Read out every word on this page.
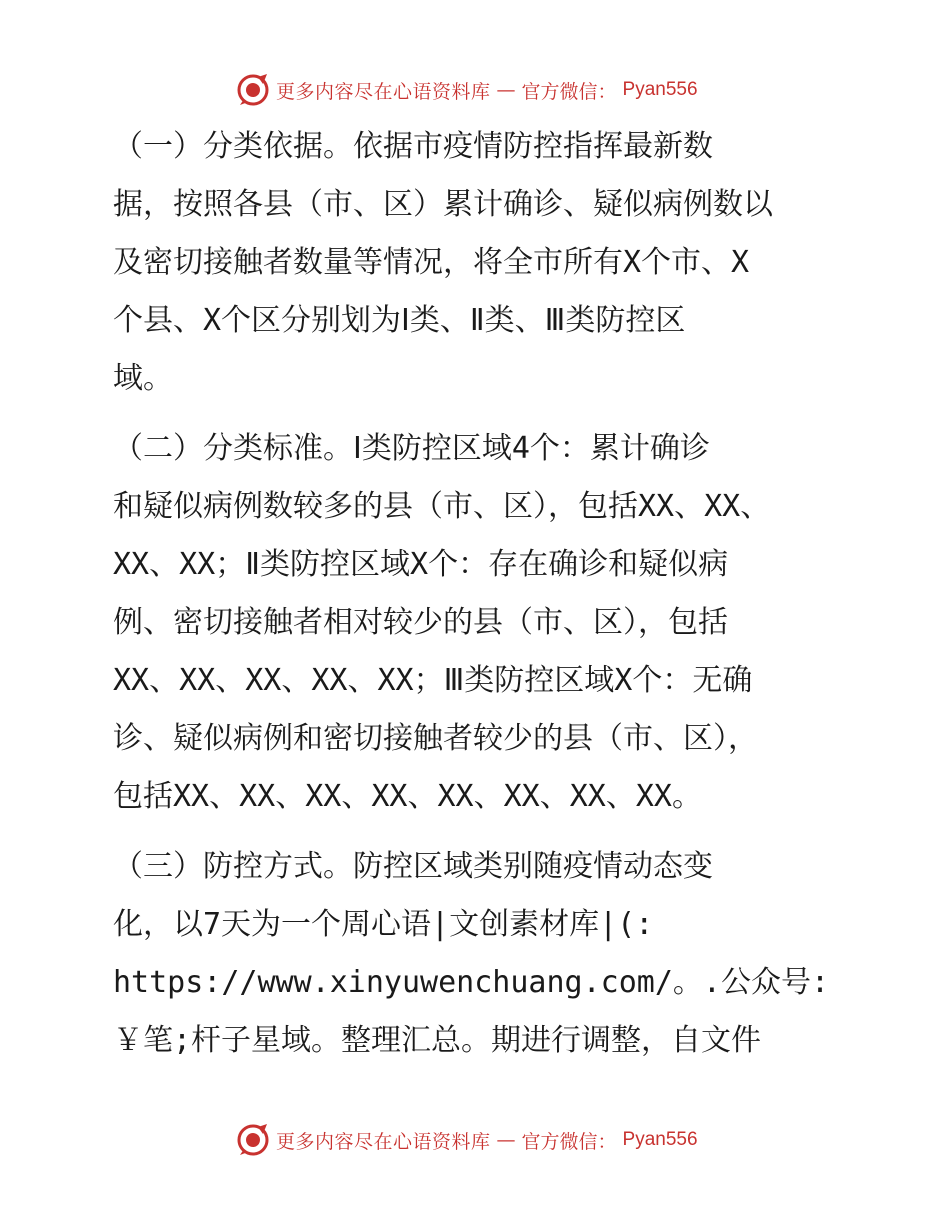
更多内容尽在心语资料库 — 官方微信： Pyan556

（一）分类依据。依据市疫情防控指挥最新数
据，按照各县（市、区）累计确诊、疑似病例数以
及密切接触者数量等情况，将全市所有X个市、X
个县、X个区分别划为Ⅰ类、Ⅱ类、Ⅲ类防控区
域。

（二）分类标准。Ⅰ类防控区域4个：累计确诊
和疑似病例数较多的县（市、区），包括XX、XX、
XX、XX；Ⅱ类防控区域X个：存在确诊和疑似病
例、密切接触者相对较少的县（市、区），包括
XX、XX、XX、XX、XX；Ⅲ类防控区域X个：无确
诊、疑似病例和密切接触者较少的县（市、区），
包括XX、XX、XX、XX、XX、XX、XX、XX。

（三）防控方式。防控区域类别随疫情动态变
化，以7天为一个周心语|文创素材库|(:
https://www.xinyuwenchuang.com/。.公众号:
￥笔;杆子星域。整理汇总。期进行调整，自文件

更多内容尽在心语资料库 — 官方微信： Pyan556
